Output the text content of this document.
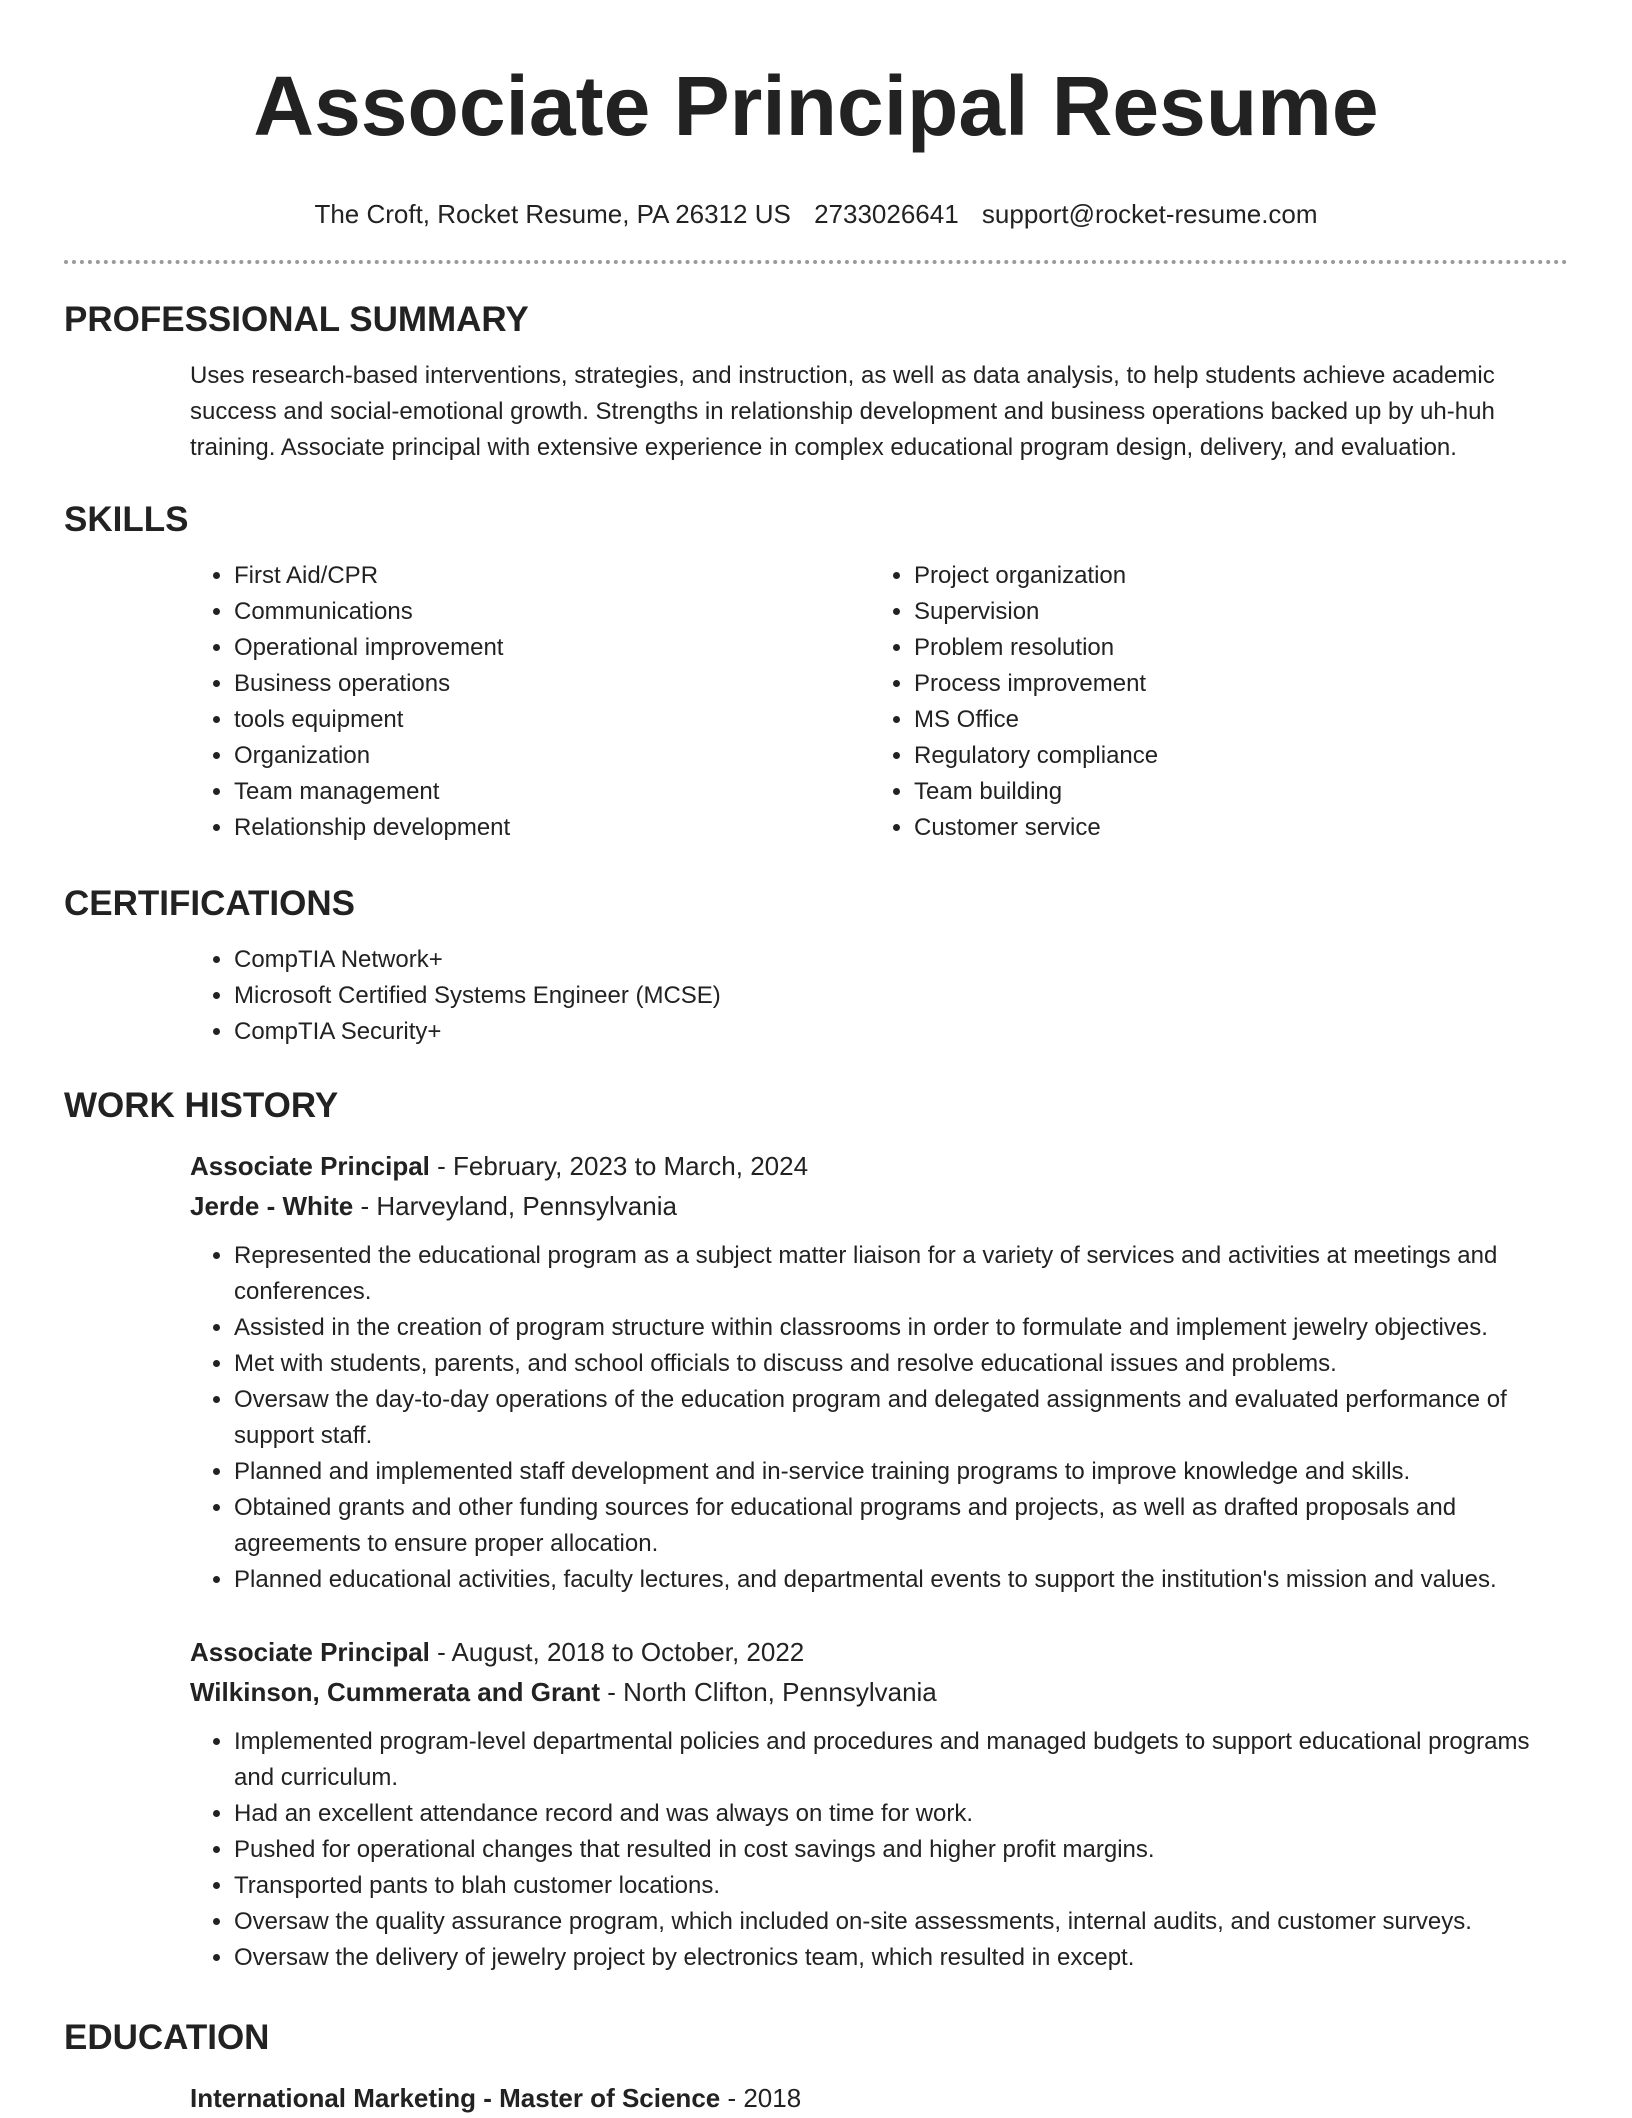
Associate Principal Resume
The Croft, Rocket Resume, PA 26312 US 2733026641 support@rocket-resume.com
PROFESSIONAL SUMMARY
Uses research-based interventions, strategies, and instruction, as well as data analysis, to help students achieve academic success and social-emotional growth. Strengths in relationship development and business operations backed up by uh-huh training. Associate principal with extensive experience in complex educational program design, delivery, and evaluation.
SKILLS
• First Aid/CPR
• Communications
• Operational improvement
• Business operations
• tools equipment
• Organization
• Team management
• Relationship development
• Project organization
• Supervision
• Problem resolution
• Process improvement
• MS Office
• Regulatory compliance
• Team building
• Customer service
CERTIFICATIONS
• CompTIA Network+
• Microsoft Certified Systems Engineer (MCSE)
• CompTIA Security+
WORK HISTORY
Associate Principal - February, 2023 to March, 2024
Jerde - White - Harveyland, Pennsylvania
• Represented the educational program as a subject matter liaison for a variety of services and activities at meetings and conferences.
• Assisted in the creation of program structure within classrooms in order to formulate and implement jewelry objectives.
• Met with students, parents, and school officials to discuss and resolve educational issues and problems.
• Oversaw the day-to-day operations of the education program and delegated assignments and evaluated performance of support staff.
• Planned and implemented staff development and in-service training programs to improve knowledge and skills.
• Obtained grants and other funding sources for educational programs and projects, as well as drafted proposals and agreements to ensure proper allocation.
• Planned educational activities, faculty lectures, and departmental events to support the institution's mission and values.
Associate Principal - August, 2018 to October, 2022
Wilkinson, Cummerata and Grant - North Clifton, Pennsylvania
• Implemented program-level departmental policies and procedures and managed budgets to support educational programs and curriculum.
• Had an excellent attendance record and was always on time for work.
• Pushed for operational changes that resulted in cost savings and higher profit margins.
• Transported pants to blah customer locations.
• Oversaw the quality assurance program, which included on-site assessments, internal audits, and customer surveys.
• Oversaw the delivery of jewelry project by electronics team, which resulted in except.
EDUCATION
International Marketing - Master of Science - 2018
